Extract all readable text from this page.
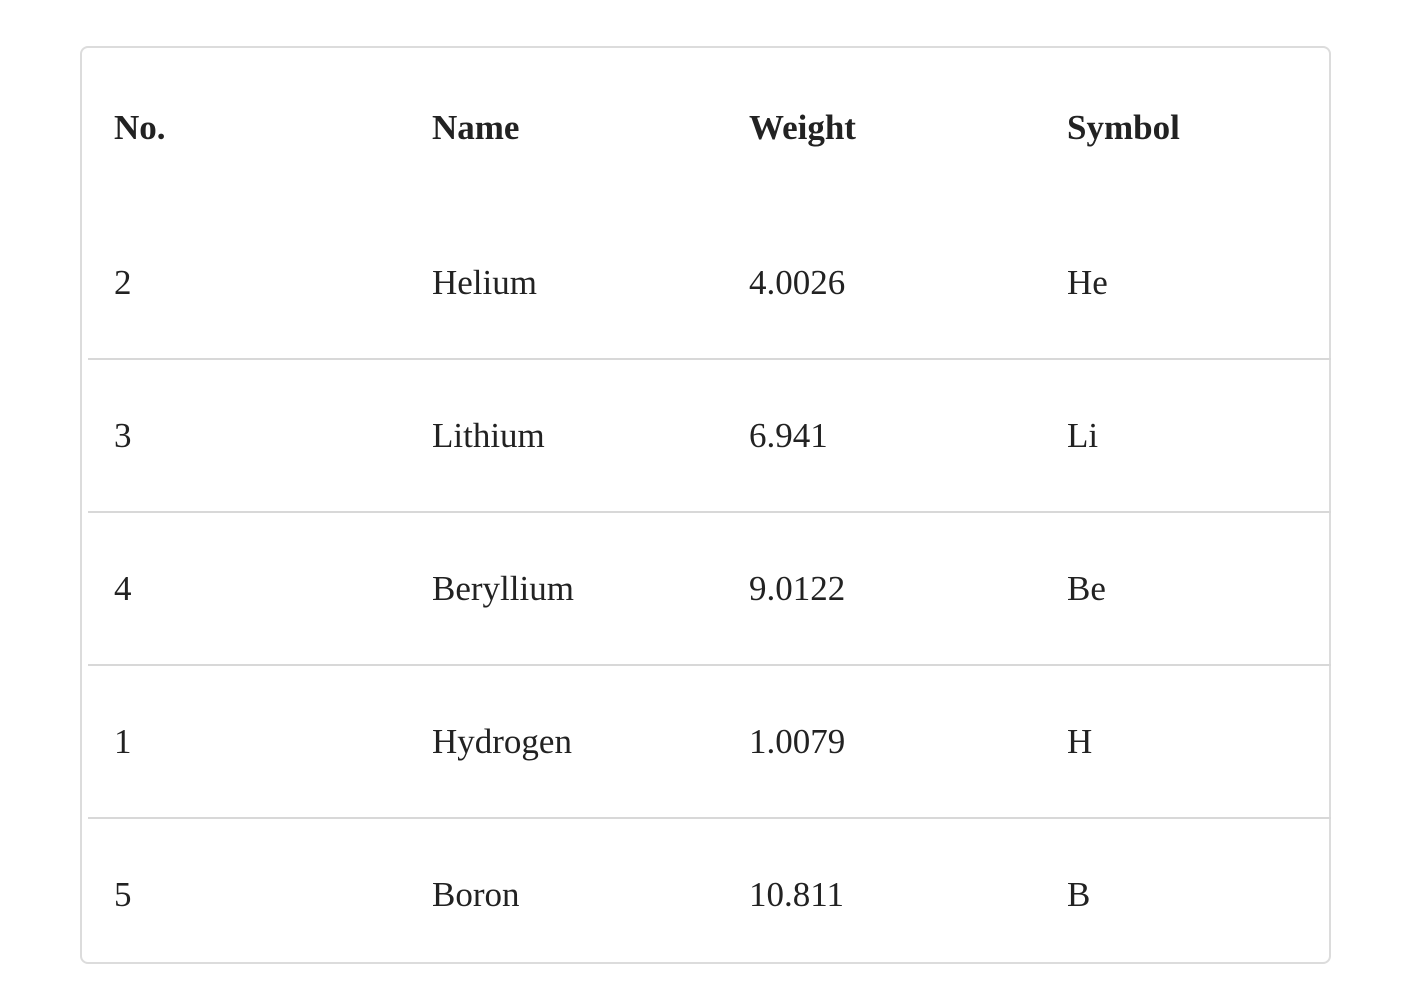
No.	Name	Weight	Symbol
2	Helium	4.0026	He
3	Lithium	6.941	Li
4	Beryllium	9.0122	Be
1	Hydrogen	1.0079	H
5	Boron	10.811	B
